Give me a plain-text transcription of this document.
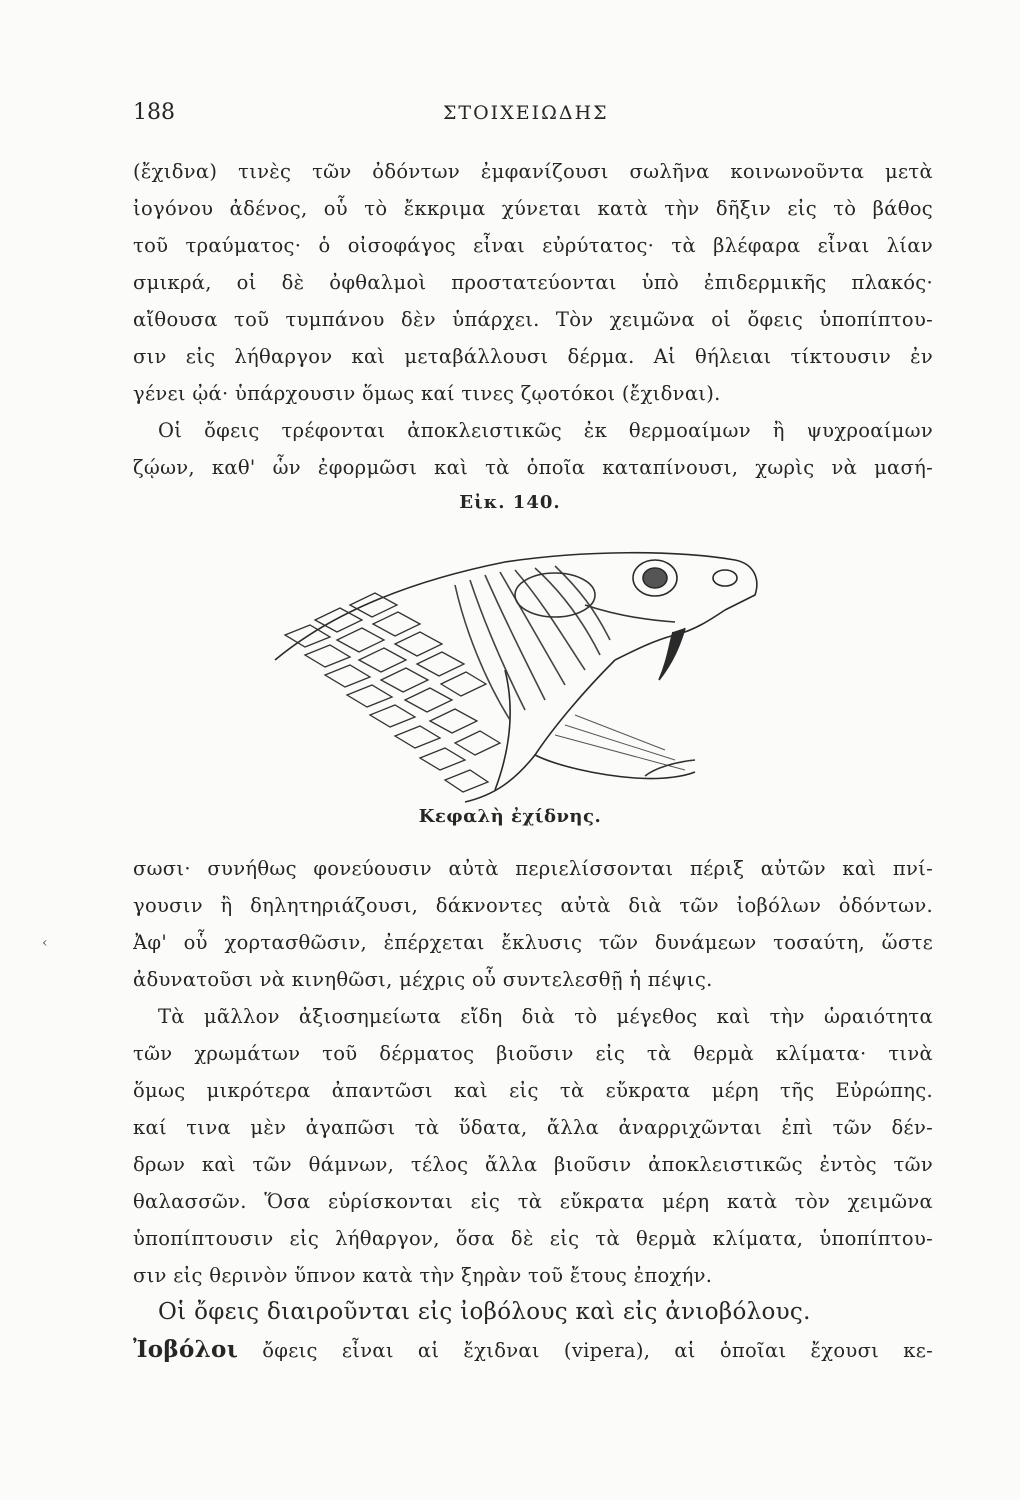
188	ΣΤΟΙΧΕΙΩΔΗΣ
(ἔχιδνα) τινὲς τῶν ὀδόντων ἐμφανίζουσι σωλῆνα κοινωνοῦντα μετὰ
ἰογόνου ἀδένος, οὗ τὸ ἔκκριμα χύνεται κατὰ τὴν δῆξιν εἰς τὸ βάθος
τοῦ τραύματος· ὁ οἰσοφάγος εἶναι εὐρύτατος· τὰ βλέφαρα εἶναι λίαν
σμικρά, οἱ δὲ ὀφθαλμοὶ προστατεύονται ὑπὸ ἐπιδερμικῆς πλακός·
αἴθουσα τοῦ τυμπάνου δὲν ὑπάρχει. Τὸν χειμῶνα οἱ ὄφεις ὑποπίπτου-
σιν εἰς λήθαργον καὶ μεταβάλλουσι δέρμα. Αἱ θήλειαι τίκτουσιν ἐν
γένει ᾠά· ὑπάρχουσιν ὅμως καί τινες ζῳοτόκοι (ἔχιδναι).
Οἱ ὄφεις τρέφονται ἀποκλειστικῶς ἐκ θερμοαίμων ἢ ψυχροαίμων
ζῴων, καθ' ὧν ἐφορμῶσι καὶ τὰ ὁποῖα καταπίνουσι, χωρὶς νὰ μασή-
Εἰκ. 140.
Κεφαλὴ ἐχίδνης.
σωσι· συνήθως φονεύουσιν αὐτὰ περιελίσσονται πέριξ αὐτῶν καὶ πνί-
γουσιν ἢ δηλητηριάζουσι, δάκνοντες αὐτὰ διὰ τῶν ἰοβόλων ὀδόντων.
Ἀφ' οὗ χορτασθῶσιν, ἐπέρχεται ἔκλυσις τῶν δυνάμεων τοσαύτη, ὥστε
ἀδυνατοῦσι νὰ κινηθῶσι, μέχρις οὗ συντελεσθῇ ἡ πέψις.
Τὰ μᾶλλον ἀξιοσημείωτα εἴδη διὰ τὸ μέγεθος καὶ τὴν ὡραιότητα
τῶν χρωμάτων τοῦ δέρματος βιοῦσιν εἰς τὰ θερμὰ κλίματα· τινὰ
ὅμως μικρότερα ἀπαντῶσι καὶ εἰς τὰ εὔκρατα μέρη τῆς Εὐρώπης.
καί τινα μὲν ἀγαπῶσι τὰ ὕδατα, ἄλλα ἀναρριχῶνται ἐπὶ τῶν δέν-
δρων καὶ τῶν θάμνων, τέλος ἄλλα βιοῦσιν ἀποκλειστικῶς ἐντὸς τῶν
θαλασσῶν. Ὅσα εὑρίσκονται εἰς τὰ εὔκρατα μέρη κατὰ τὸν χειμῶνα
ὑποπίπτουσιν εἰς λήθαργον, ὅσα δὲ εἰς τὰ θερμὰ κλίματα, ὑποπίπτου-
σιν εἰς θερινὸν ὕπνον κατὰ τὴν ξηρὰν τοῦ ἔτους ἐποχήν.
Οἱ ὄφεις διαιροῦνται εἰς ἰοβόλους καὶ εἰς ἀνιοβόλους.
Ἰοβόλοι ὄφεις εἶναι αἱ ἔχιδναι (vipera), αἱ ὁποῖαι ἔχουσι κε-
‹
